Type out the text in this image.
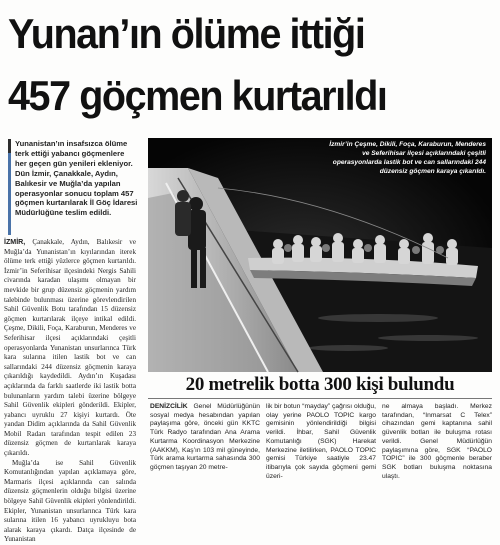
Yunan’ın ölüme ittiği
457 göçmen kurtarıldı

Yunanistan’ın insafsızca ölüme terk ettiği yabancı göçmenlere her geçen gün yenileri ekleniyor. Dün İzmir, Çanakkale, Aydın, Balıkesir ve Muğla’da yapılan operasyonlar sonucu toplam 457 göçmen kurtarılarak İl Göç İdaresi Müdürlüğüne teslim edildi.

İZMİR, Çanakkale, Aydın, Balıkesir ve Muğla’da Yunanistan’ın kıyılarından iterek ölüme terk ettiği yüzlerce göçmen kurtarıldı. İzmir’in Seferihisar ilçesindeki Nergis Sahili civarında karadan ulaşımı olmayan bir mevkide bir grup düzensiz göçmenin yardım talebinde bulunması üzerine görevlendirilen Sahil Güvenlik Botu tarafından 15 düzensiz göçmen kurtarılarak ilçeye intikal edildi. Çeşme, Dikili, Foça, Karaburun, Menderes ve Seferihisar ilçesi açıklarındaki çeşitli operasyonlarda Yunanistan unsurlarınca Türk kara sularına itilen lastik bot ve can sallarındaki 244 düzensiz göçmenin karaya çıkarıldığı kaydedildi. Aydın’ın Kuşadası açıklarında da farklı saatlerde iki lastik botta bulunanların yardım talebi üzerine bölgeye Sahil Güvenlik ekipleri gönderildi. Ekipler, yabancı uyruklu 27 kişiyi kurtardı. Öte yandan Didim açıklarında da Sahil Güvenlik Mobil Radarı tarafından tespit edilen 23 düzensiz göçmen de kurtarılarak karaya çıkarıldı.

Muğla’da ise Sahil Güvenlik Komutanlığından yapılan açıklamaya göre, Marmaris ilçesi açıklarında can salında düzensiz göçmenlerin olduğu bilgisi üzerine bölgeye Sahil Güvenlik ekipleri yönlendirildi. Ekipler, Yunanistan unsurlarınca Türk kara sularına itilen 16 yabancı uyrukluyu bota alarak karaya çıkardı. Datça ilçesinde de Yunanistan

İzmir’in Çeşme, Dikili, Foça, Karaburun, Menderes ve Seferihisar ilçesi açıklarındaki çeşitli operasyonlarda lastik bot ve can sallarındaki 244 düzensiz göçmen karaya çıkarıldı.
20 metrelik botta 300 kişi bulundu

DENİZCİLİK Genel Müdürlüğünün sosyal medya hesabından yapılan paylaşıma göre, önceki gün KKTC Türk Radyo tarafından Ana Arama Kurtarma Koordinasyon Merkezine (AAKKM), Kaş’ın 103 mil güneyinde, Türk arama kurtarma sahasında 300 göçmen taşıyan 20 metre-

lik bir botun “mayday” çağrısı olduğu, olay yerine PAOLO TOPIC kargo gemisinin yönlendirildiği bilgisi verildi. İhbar, Sahil Güvenlik Komutanlığı (SGK) Harekat Merkezine iletilirken, PAOLO TOPIC gemisi Türkiye saatiyle 23.47 itibarıyla çok sayıda göçmeni gemi üzeri-

ne almaya başladı. Merkez tarafından, “Inmarsat C Telex” cihazından gemi kaptanına sahil güvenlik botları ile buluşma rotası verildi. Genel Müdürlüğün paylaşımına göre, SGK “PAOLO TOPIC” ile 300 göçmenle beraber SGK botları buluşma noktasına ulaştı.
